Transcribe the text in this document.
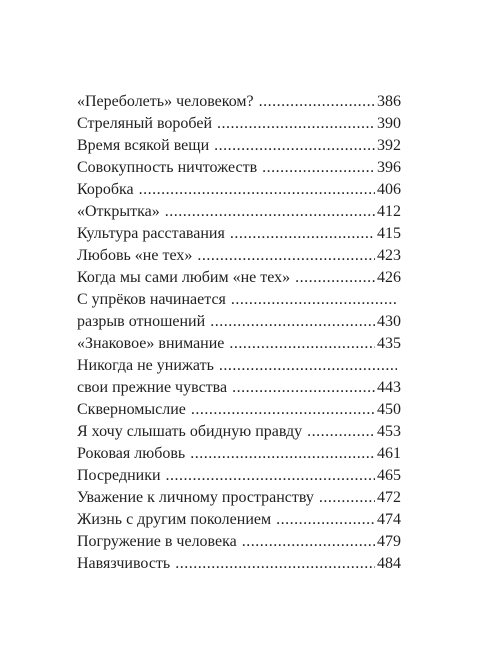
«Переболеть» человеком? .....	386
Стреляный воробей .....	390
Время всякой вещи .....	392
Совокупность ничтожеств .....	396
Коробка .....	406
«Открытка» .....	412
Культура расставания .....	415
Любовь «не тех» .....	423
Когда мы сами любим «не тех» .....	426
С упрёков начинается
.....
разрыв отношений .....	430
«Знаковое» внимание .....	435
Никогда не унижать
.....
свои прежние чувства .....	443
Скверномыслие .....	450
Я хочу слышать обидную правду .....	453
Роковая любовь .....	461
Посредники .....	465
Уважение к личному пространству .....	472
Жизнь с другим поколением .....	474
Погружение в человека .....	479
Навязчивость .....	484
